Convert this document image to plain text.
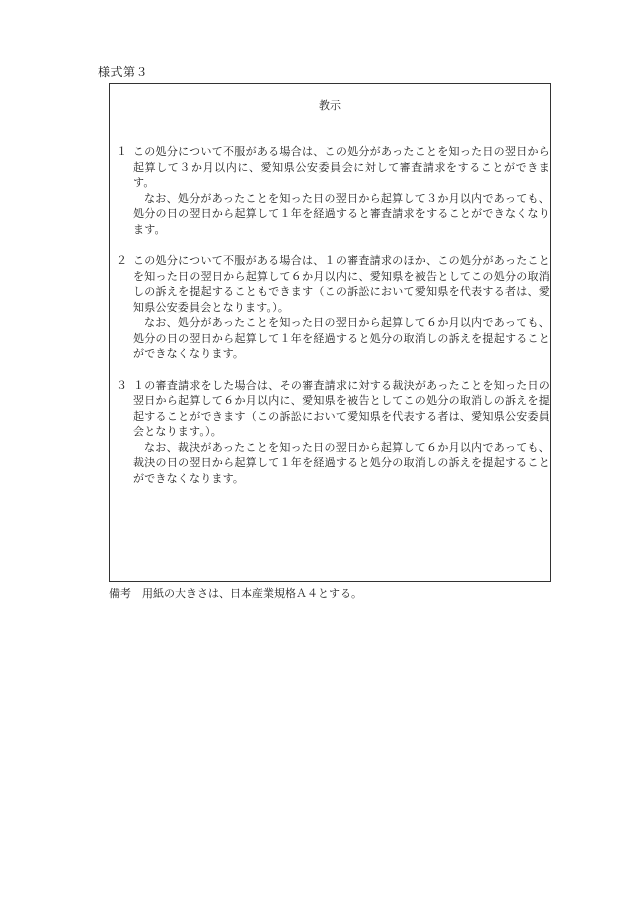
様式第３
教示
１ この処分について不服がある場合は、この処分があったことを知った日の翌日から起算して３か月以内に、愛知県公安委員会に対して審査請求をすることができます。

なお、処分があったことを知った日の翌日から起算して３か月以内であっても、処分の日の翌日から起算して１年を経過すると審査請求をすることができなくなります。

２ この処分について不服がある場合は、１の審査請求のほか、この処分があったことを知った日の翌日から起算して６か月以内に、愛知県を被告としてこの処分の取消しの訴えを提起することもできます（この訴訟において愛知県を代表する者は、愛知県公安委員会となります。）。

なお、処分があったことを知った日の翌日から起算して６か月以内であっても、処分の日の翌日から起算して１年を経過すると処分の取消しの訴えを提起することができなくなります。

３ １の審査請求をした場合は、その審査請求に対する裁決があったことを知った日の翌日から起算して６か月以内に、愛知県を被告としてこの処分の取消しの訴えを提起することができます（この訴訟において愛知県を代表する者は、愛知県公安委員会となります。）。

なお、裁決があったことを知った日の翌日から起算して６か月以内であっても、裁決の日の翌日から起算して１年を経過すると処分の取消しの訴えを提起することができなくなります。

備考 用紙の大きさは、日本産業規格Ａ４とする。
